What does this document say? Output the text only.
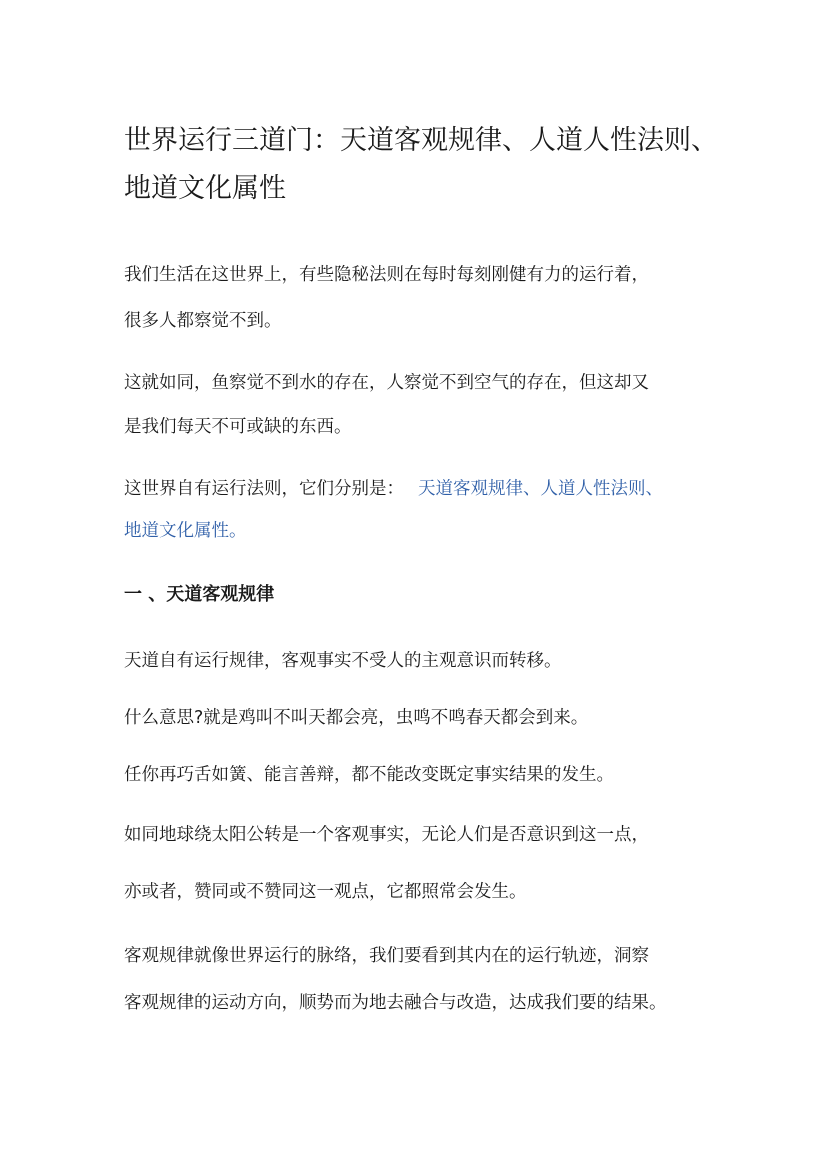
世界运行三道门：天道客观规律、人道人性法则、
地道文化属性
我们生活在这世界上，有些隐秘法则在每时每刻刚健有力的运行着，
很多人都察觉不到。
这就如同，鱼察觉不到水的存在，人察觉不到空气的存在，但这却又
是我们每天不可或缺的东西。
这世界自有运行法则，它们分别是： 天道客观规律、人道人性法则、
地道文化属性。
一 、天道客观规律
天道自有运行规律，客观事实不受人的主观意识而转移。
什么意思?就是鸡叫不叫天都会亮，虫鸣不鸣春天都会到来。
任你再巧舌如簧、能言善辩，都不能改变既定事实结果的发生。
如同地球绕太阳公转是一个客观事实，无论人们是否意识到这一点，
亦或者，赞同或不赞同这一观点，它都照常会发生。
客观规律就像世界运行的脉络，我们要看到其内在的运行轨迹，洞察
客观规律的运动方向，顺势而为地去融合与改造，达成我们要的结果。
